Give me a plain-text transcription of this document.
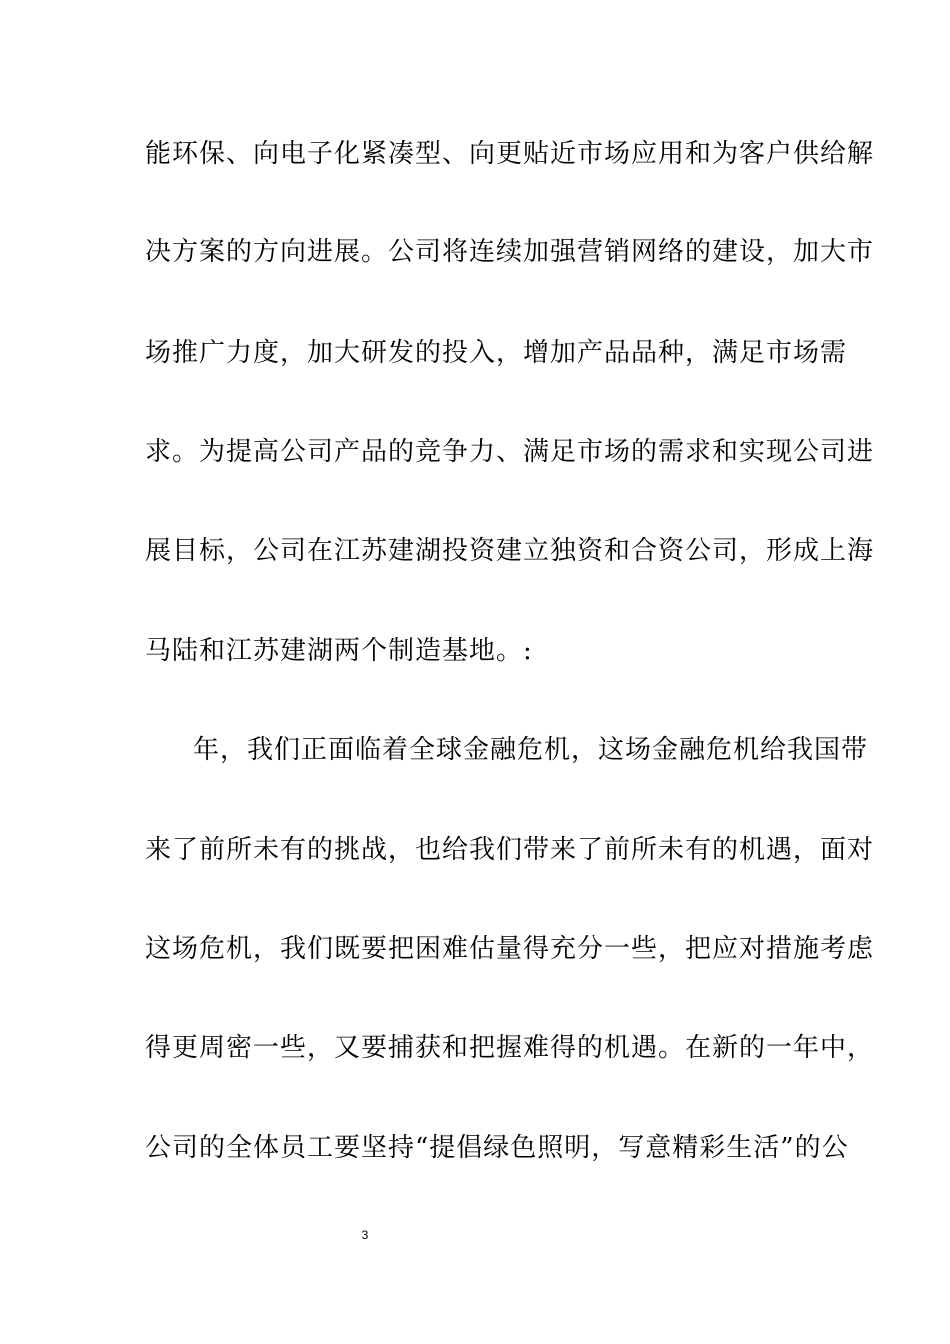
能环保、向电子化紧凑型、向更贴近市场应用和为客户供给解
决方案的方向进展。公司将连续加强营销网络的建设，加大市
场推广力度，加大研发的投入，增加产品品种，满足市场需
求。为提高公司产品的竞争力、满足市场的需求和实现公司进
展目标，公司在江苏建湖投资建立独资和合资公司，形成上海
马陆和江苏建湖两个制造基地。:
年，我们正面临着全球金融危机，这场金融危机给我国带
来了前所未有的挑战，也给我们带来了前所未有的机遇，面对
这场危机，我们既要把困难估量得充分一些，把应对措施考虑
得更周密一些，又要捕获和把握难得的机遇。在新的一年中，
公司的全体员工要坚持“提倡绿色照明，写意精彩生活”的公
3
